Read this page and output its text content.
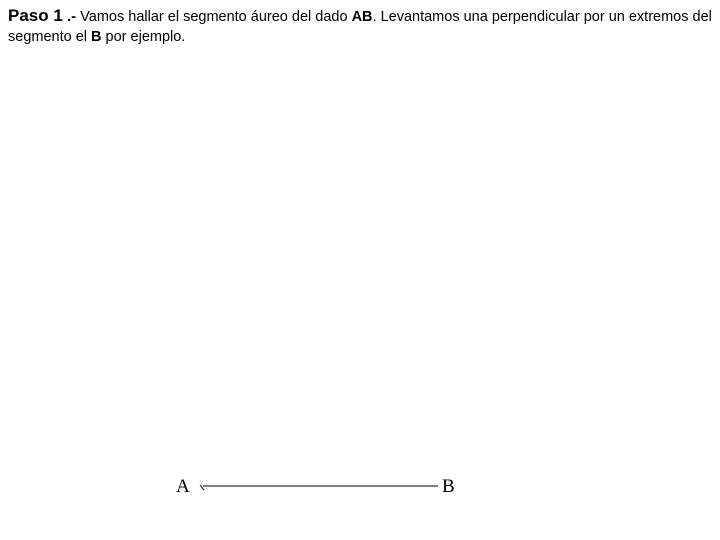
Paso 1 .- Vamos hallar el segmento áureo del dado AB. Levantamos una perpendicular por un extremos del segmento el B por ejemplo.

A	B
